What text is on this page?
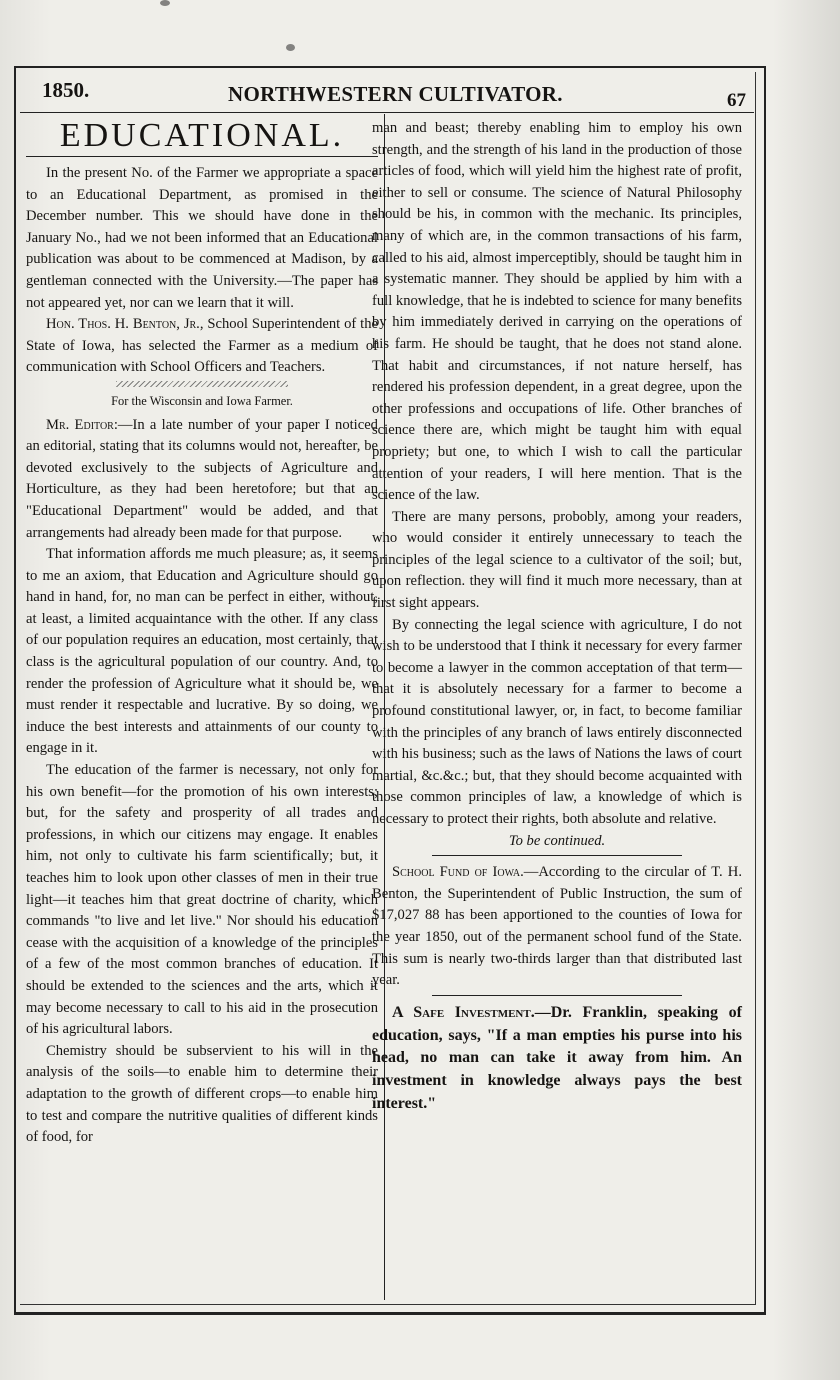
1850.	NORTHWESTERN CULTIVATOR.	67
EDUCATIONAL.

In the present No. of the Farmer we appropriate a space to an Educational Department, as promised in the December number. This we should have done in the January No., had we not been informed that an Educational publication was about to be commenced at Madison, by a gentleman connected with the University.—The paper has not appeared yet, nor can we learn that it will.

Hon. Thos. H. Benton, Jr., School Superintendent of the State of Iowa, has selected the Farmer as a medium of communication with School Officers and Teachers.

For the Wisconsin and Iowa Farmer.

Mr. Editor:—In a late number of your paper I noticed an editorial, stating that its columns would not, hereafter, be devoted exclusively to the subjects of Agriculture and Horticulture, as they had been heretofore; but that an "Educational Department" would be added, and that arrangements had already been made for that purpose.

That information affords me much pleasure; as, it seems to me an axiom, that Education and Agriculture should go hand in hand, for, no man can be perfect in either, without, at least, a limited acquaintance with the other. If any class of our population requires an education, most certainly, that class is the agricultural population of our country. And, to render the profession of Agriculture what it should be, we must render it respectable and lucrative. By so doing, we induce the best interests and attainments of our county to engage in it.

The education of the farmer is necessary, not only for his own benefit—for the promotion of his own interests; but, for the safety and prosperity of all trades and professions, in which our citizens may engage. It enables him, not only to cultivate his farm scientifically; but, it teaches him to look upon other classes of men in their true light—it teaches him that great doctrine of charity, which commands "to live and let live." Nor should his education cease with the acquisition of a knowledge of the principles of a few of the most common branches of education. It should be extended to the sciences and the arts, which it may become necessary to call to his aid in the prosecution of his agricultural labors.

Chemistry should be subservient to his will in the analysis of the soils—to enable him to determine their adaptation to the growth of different crops—to enable him to test and compare the nutritive qualities of different kinds of food, for

man and beast; thereby enabling him to employ his own strength, and the strength of his land in the production of those articles of food, which will yield him the highest rate of profit, either to sell or consume. The science of Natural Philosophy should be his, in common with the mechanic. Its principles, many of which are, in the common transactions of his farm, called to his aid, almost imperceptibly, should be taught him in a systematic manner. They should be applied by him with a full knowledge, that he is indebted to science for many benefits by him immediately derived in carrying on the operations of his farm. He should be taught, that he does not stand alone. That habit and circumstances, if not nature herself, has rendered his profession dependent, in a great degree, upon the other professions and occupations of life. Other branches of science there are, which might be taught him with equal propriety; but one, to which I wish to call the particular attention of your readers, I will here mention. That is the science of the law.

There are many persons, probobly, among your readers, who would consider it entirely unnecessary to teach the principles of the legal science to a cultivator of the soil; but, upon reflection. they will find it much more necessary, than at first sight appears.

By connecting the legal science with agriculture, I do not wish to be understood that I think it necessary for every farmer to become a lawyer in the common acceptation of that term—that it is absolutely necessary for a farmer to become a profound constitutional lawyer, or, in fact, to become familiar with the principles of any branch of laws entirely disconnected with his business; such as the laws of Nations the laws of court martial, &c.&c.; but, that they should become acquainted with those common principles of law, a knowledge of which is necessary to protect their rights, both absolute and relative.

To be continued.

School Fund of Iowa.—According to the circular of T. H. Benton, the Superintendent of Public Instruction, the sum of $17,027 88 has been apportioned to the counties of Iowa for the year 1850, out of the permanent school fund of the State. This sum is nearly two-thirds larger than that distributed last year.

A Safe Investment.—Dr. Franklin, speaking of education, says, "If a man empties his purse into his head, no man can take it away from him. An investment in knowledge always pays the best interest."
